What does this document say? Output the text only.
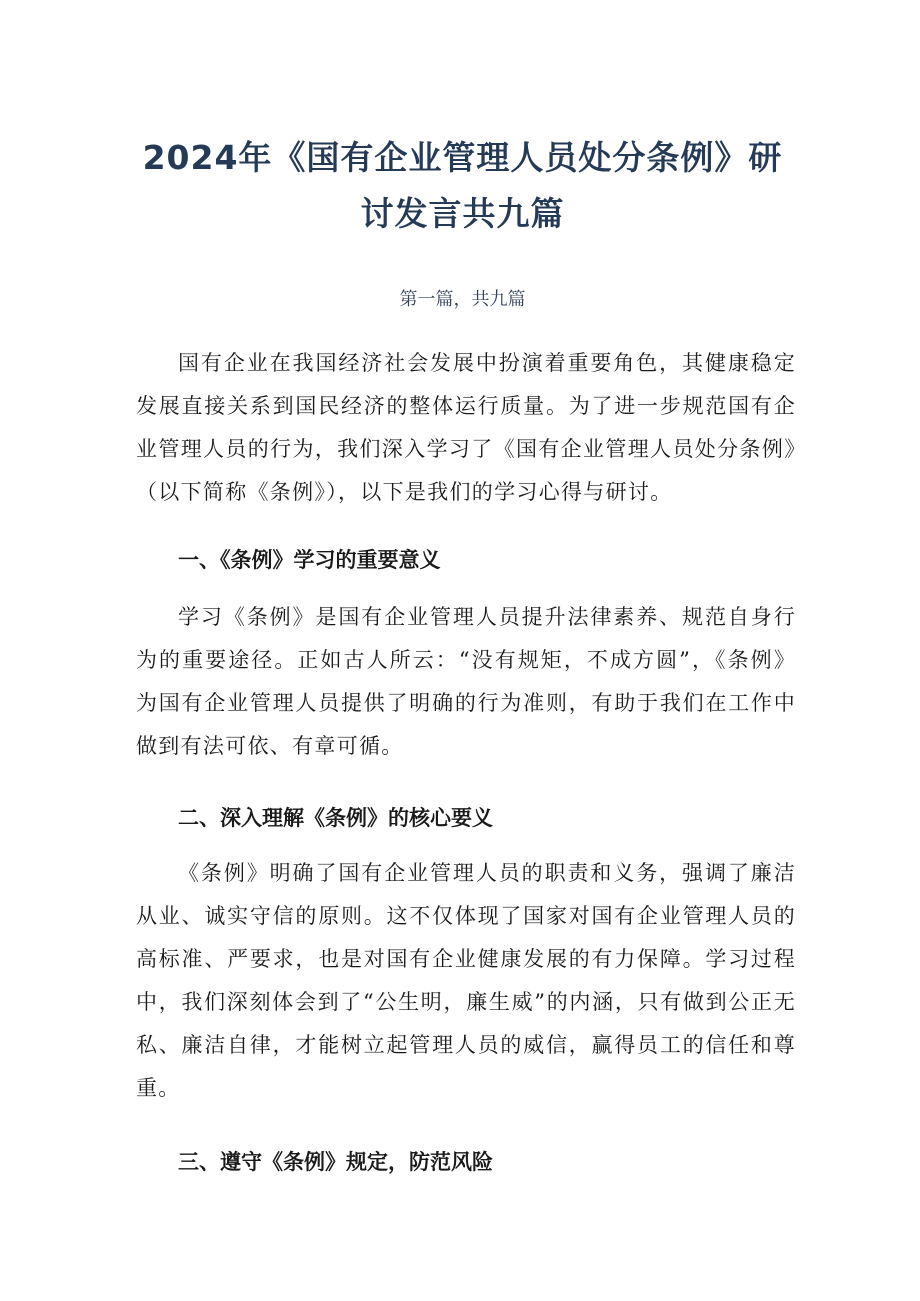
2024年《国有企业管理人员处分条例》研讨发言共九篇
第一篇，共九篇

国有企业在我国经济社会发展中扮演着重要角色，其健康稳定发展直接关系到国民经济的整体运行质量。为了进一步规范国有企业管理人员的行为，我们深入学习了《国有企业管理人员处分条例》（以下简称《条例》），以下是我们的学习心得与研讨。

一、《条例》学习的重要意义

学习《条例》是国有企业管理人员提升法律素养、规范自身行为的重要途径。正如古人所云：“没有规矩，不成方圆”，《条例》为国有企业管理人员提供了明确的行为准则，有助于我们在工作中做到有法可依、有章可循。

二、深入理解《条例》的核心要义

《条例》明确了国有企业管理人员的职责和义务，强调了廉洁从业、诚实守信的原则。这不仅体现了国家对国有企业管理人员的高标准、严要求，也是对国有企业健康发展的有力保障。学习过程中，我们深刻体会到了“公生明，廉生威”的内涵，只有做到公正无私、廉洁自律，才能树立起管理人员的威信，赢得员工的信任和尊重。

三、遵守《条例》规定，防范风险
